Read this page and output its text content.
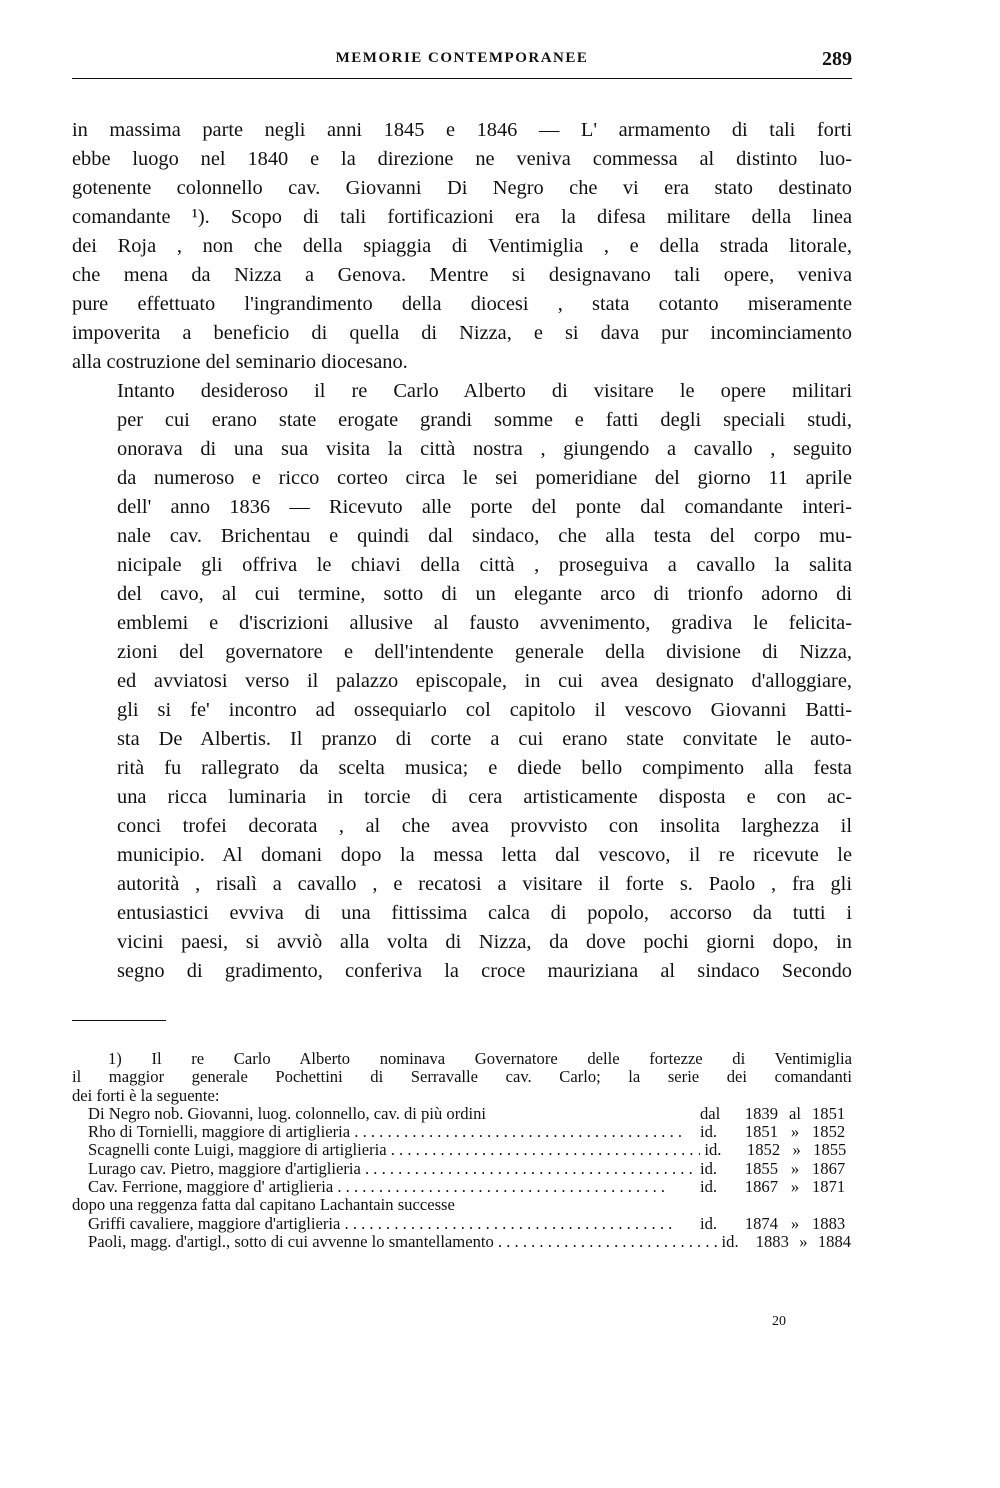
MEMORIE CONTEMPORANEE	289

in massima parte negli anni 1845 e 1846 — L' armamento di tali forti
ebbe luogo nel 1840 e la direzione ne veniva commessa al distinto luo-
gotenente colonnello cav. Giovanni Di Negro che vi era stato destinato
comandante ¹). Scopo di tali fortificazioni era la difesa militare della linea
dei Roja , non che della spiaggia di Ventimiglia , e della strada litorale,
che mena da Nizza a Genova. Mentre si designavano tali opere, veniva
pure effettuato l'ingrandimento della diocesi , stata cotanto miseramente
impoverita a beneficio di quella di Nizza, e si dava pur incominciamento
alla costruzione del seminario diocesano.

Intanto desideroso il re Carlo Alberto di visitare le opere militari
per cui erano state erogate grandi somme e fatti degli speciali studi,
onorava di una sua visita la città nostra , giungendo a cavallo , seguito
da numeroso e ricco corteo circa le sei pomeridiane del giorno 11 aprile
dell' anno 1836 — Ricevuto alle porte del ponte dal comandante interi-
nale cav. Brichentau e quindi dal sindaco, che alla testa del corpo mu-
nicipale gli offriva le chiavi della città , proseguiva a cavallo la salita
del cavo, al cui termine, sotto di un elegante arco di trionfo adorno di
emblemi e d'iscrizioni allusive al fausto avvenimento, gradiva le felicita-
zioni del governatore e dell'intendente generale della divisione di Nizza,
ed avviatosi verso il palazzo episcopale, in cui avea designato d'alloggiare,
gli si fe' incontro ad ossequiarlo col capitolo il vescovo Giovanni Batti-
sta De Albertis. Il pranzo di corte a cui erano state convitate le auto-
rità fu rallegrato da scelta musica; e diede bello compimento alla festa
una ricca luminaria in torcie di cera artisticamente disposta e con ac-
conci trofei decorata , al che avea provvisto con insolita larghezza il
municipio. Al domani dopo la messa letta dal vescovo, il re ricevute le
autorità , risalì a cavallo , e recatosi a visitare il forte s. Paolo , fra gli
entusiastici evviva di una fittissima calca di popolo, accorso da tutti i
vicini paesi, si avviò alla volta di Nizza, da dove pochi giorni dopo, in
segno di gradimento, conferiva la croce mauriziana al sindaco Secondo

1) Il re Carlo Alberto nominava Governatore delle fortezze di Ventimiglia
il maggior generale Pochettini di Serravalle cav. Carlo; la serie dei comandanti
dei forti è la seguente:
Di Negro nob. Giovanni, luog. colonnello, cav. di più ordini	dal	1839 al 1851
Rho di Tornielli, maggiore di artiglieria . . .	id.	1851 » 1852
Scagnelli conte Luigi, maggiore di artiglieria . . .	id.	1852 » 1855
Lurago cav. Pietro, maggiore d'artiglieria . . .	id.	1855 » 1867
Cav. Ferrione, maggiore d' artiglieria . . .	id.	1867 » 1871
dopo una reggenza fatta dal capitano Lachantain successe
Griffi cavaliere, maggiore d'artiglieria . . .	id.	1874 » 1883
Paoli, magg. d'artigl., sotto di cui avvenne lo smantellamento . . .	id.	1883 » 1884
20
